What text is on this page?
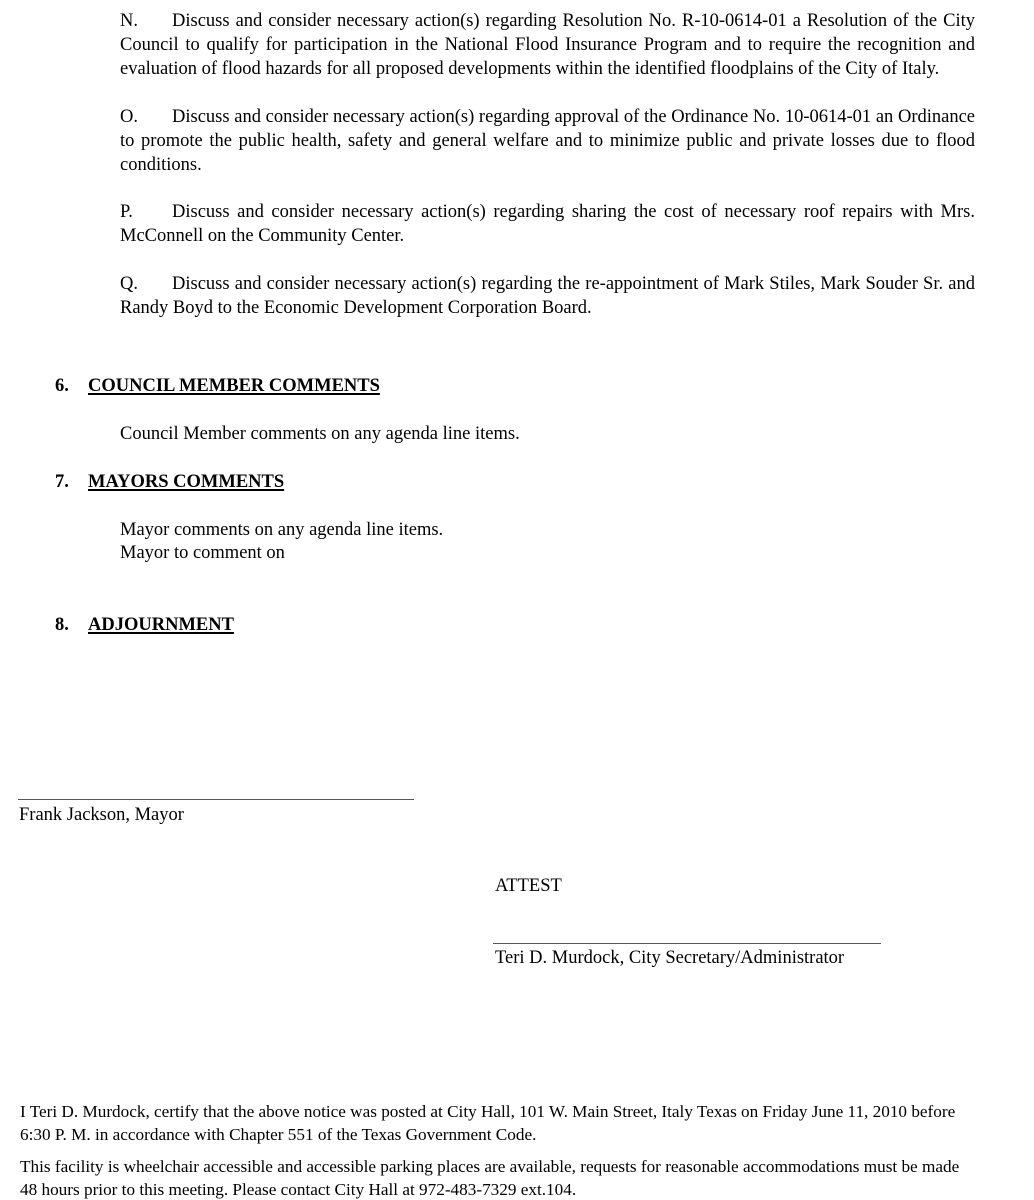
N. Discuss and consider necessary action(s) regarding Resolution No. R-10-0614-01 a Resolution of the City Council to qualify for participation in the National Flood Insurance Program and to require the recognition and evaluation of flood hazards for all proposed developments within the identified floodplains of the City of Italy.

O. Discuss and consider necessary action(s) regarding approval of the Ordinance No. 10-0614-01 an Ordinance to promote the public health, safety and general welfare and to minimize public and private losses due to flood conditions.

P. Discuss and consider necessary action(s) regarding sharing the cost of necessary roof repairs with Mrs. McConnell on the Community Center.

Q. Discuss and consider necessary action(s) regarding the re-appointment of Mark Stiles, Mark Souder Sr. and Randy Boyd to the Economic Development Corporation Board.

6. COUNCIL MEMBER COMMENTS
Council Member comments on any agenda line items.
7. MAYORS COMMENTS
Mayor comments on any agenda line items.
Mayor to comment on
8. ADJOURNMENT
Frank Jackson, Mayor
ATTEST
Teri D. Murdock, City Secretary/Administrator
I Teri D. Murdock, certify that the above notice was posted at City Hall, 101 W. Main Street, Italy Texas on Friday June 11, 2010 before 6:30 P. M. in accordance with Chapter 551 of the Texas Government Code.
This facility is wheelchair accessible and accessible parking places are available, requests for reasonable accommodations must be made 48 hours prior to this meeting. Please contact City Hall at 972-483-7329 ext.104.
